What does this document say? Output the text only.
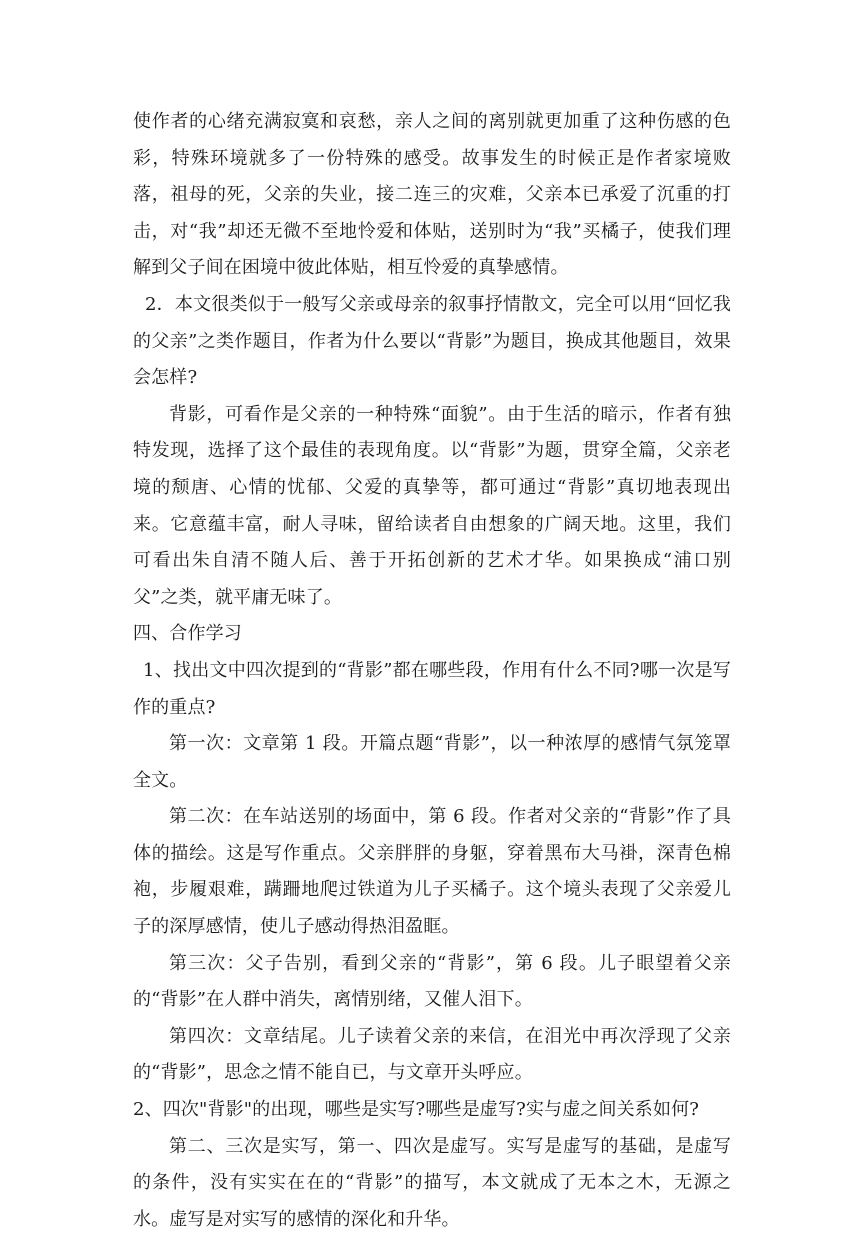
使作者的心绪充满寂寞和哀愁，亲人之间的离别就更加重了这种伤感的色彩，特殊环境就多了一份特殊的感受。故事发生的时候正是作者家境败落，祖母的死，父亲的失业，接二连三的灾难，父亲本已承爱了沉重的打击，对“我”却还无微不至地怜爱和体贴，送别时为“我”买橘子，使我们理解到父子间在困境中彼此体贴，相互怜爱的真挚感情。

2．本文很类似于一般写父亲或母亲的叙事抒情散文，完全可以用“回忆我的父亲”之类作题目，作者为什么要以“背影”为题目，换成其他题目，效果会怎样?

背影，可看作是父亲的一种特殊“面貌”。由于生活的暗示，作者有独特发现，选择了这个最佳的表现角度。以“背影”为题，贯穿全篇，父亲老境的颓唐、心情的忧郁、父爱的真挚等，都可通过“背影”真切地表现出来。它意蕴丰富，耐人寻味，留给读者自由想象的广阔天地。这里，我们可看出朱自清不随人后、善于开拓创新的艺术才华。如果换成“浦口别父”之类，就平庸无味了。

四、合作学习

1、找出文中四次提到的“背影”都在哪些段，作用有什么不同?哪一次是写作的重点?

第一次：文章第 1 段。开篇点题“背影”，以一种浓厚的感情气氛笼罩全文。

第二次：在车站送别的场面中，第 6 段。作者对父亲的“背影”作了具体的描绘。这是写作重点。父亲胖胖的身躯，穿着黑布大马褂，深青色棉袍，步履艰难，蹒跚地爬过铁道为儿子买橘子。这个境头表现了父亲爱儿子的深厚感情，使儿子感动得热泪盈眶。

第三次：父子告别，看到父亲的“背影”，第 6 段。儿子眼望着父亲的“背影”在人群中消失，离情别绪，又催人泪下。

第四次：文章结尾。儿子读着父亲的来信，在泪光中再次浮现了父亲的“背影”，思念之情不能自已，与文章开头呼应。

2、四次"背影"的出现，哪些是实写?哪些是虚写?实与虚之间关系如何?

第二、三次是实写，第一、四次是虚写。实写是虚写的基础，是虚写的条件，没有实实在在的“背影”的描写，本文就成了无本之木，无源之水。虚写是对实写的感情的深化和升华。
